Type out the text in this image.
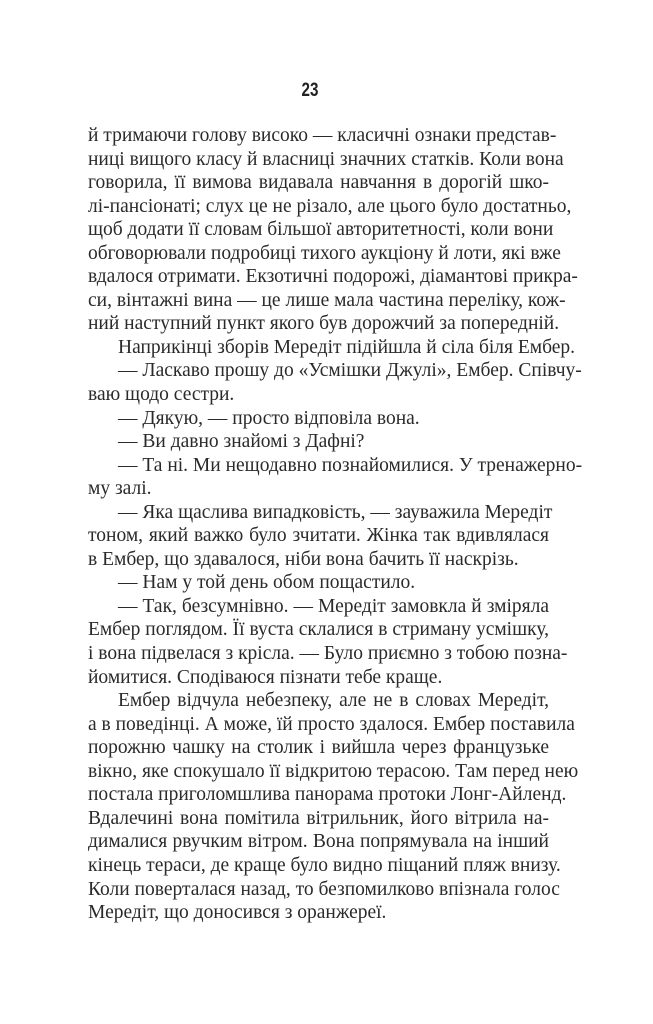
23
й тримаючи голову високо — класичні ознаки представ-
ниці вищого класу й власниці значних статків. Коли вона
говорила, її вимова видавала навчання в дорогій шко-
лі-пансіонаті; слух це не різало, але цього було достатньо,
щоб додати її словам більшої авторитетності, коли вони
обговорювали подробиці тихого аукціону й лоти, які вже
вдалося отримати. Екзотичні подорожі, діамантові прикра-
си, вінтажні вина — це лише мала частина переліку, кож-
ний наступний пункт якого був дорожчий за попередній.
Наприкінці зборів Мередіт підійшла й сіла біля Ембер.
— Ласкаво прошу до «Усмішки Джулі», Ембер. Співчу-
ваю щодо сестри.
— Дякую, — просто відповіла вона.
— Ви давно знайомі з Дафні?
— Та ні. Ми нещодавно познайомилися. У тренажерно-
му залі.
— Яка щаслива випадковість, — зауважила Мередіт
тоном, який важко було зчитати. Жінка так вдивлялася
в Ембер, що здавалося, ніби вона бачить її наскрізь.
— Нам у той день обом пощастило.
— Так, безсумнівно. — Мередіт замовкла й зміряла
Ембер поглядом. Її вуста склалися в стриману усмішку,
і вона підвелася з крісла. — Було приємно з тобою позна-
йомитися. Сподіваюся пізнати тебе краще.
Ембер відчула небезпеку, але не в словах Мередіт,
а в поведінці. А може, їй просто здалося. Ембер поставила
порожню чашку на столик і вийшла через французьке
вікно, яке спокушало її відкритою терасою. Там перед нею
постала приголомшлива панорама протоки Лонг-Айленд.
Вдалечині вона помітила вітрильник, його вітрила на-
дималися рвучким вітром. Вона попрямувала на інший
кінець тераси, де краще було видно піщаний пляж внизу.
Коли поверталася назад, то безпомилково впізнала голос
Мередіт, що доносився з оранжереї.
